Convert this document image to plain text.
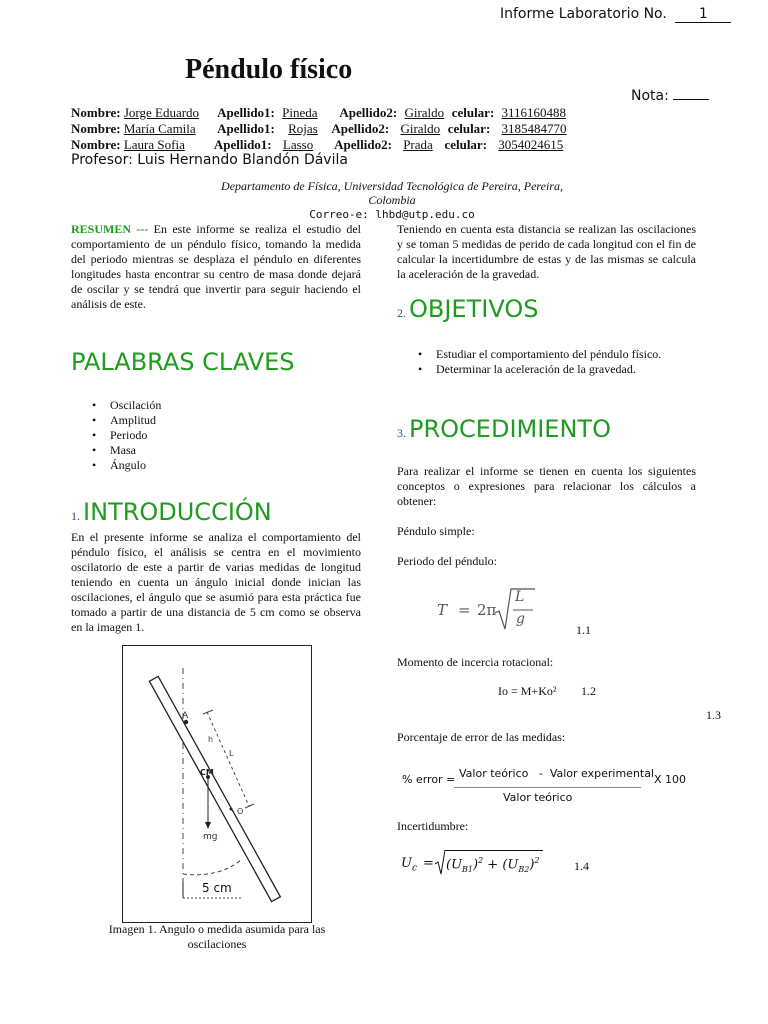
Informe Laboratorio No. 1
Péndulo físico
Nota:
Nombre: Jorge Eduardo Apellido1: Pineda Apellido2: Giraldo celular: 3116160488
Nombre: María Camila Apellido1: Rojas Apellido2: Giraldo celular: 3185484770
Nombre: Laura Sofia Apellido1: Lasso Apellido2: Prada celular: 3054024615
Profesor: Luis Hernando Blandón Dávila
Departamento de Física, Universidad Tecnológica de Pereira, Pereira,
Colombia
Correo-e: lhbd@utp.edu.co
RESUMEN --- En este informe se realiza el estudio del comportamiento de un péndulo físico, tomando la medida del periodo mientras se desplaza el péndulo en diferentes longitudes hasta encontrar su centro de masa donde dejará de oscilar y se tendrá que invertir para seguir haciendo el análisis de este.
PALABRAS CLAVES
• Oscilación
• Amplitud
• Periodo
• Masa
• Ángulo
1. INTRODUCCIÓN
En el presente informe se analiza el comportamiento del péndulo físico, el análisis se centra en el movimiento oscilatorio de este a partir de varias medidas de longitud teniendo en cuenta un ángulo inicial donde inician las oscilaciones, el ángulo que se asumió para esta práctica fue tomado a partir de una distancia de 5 cm como se observa en la imagen 1.
A
h
L
CM
O
mg
5 cm
Imagen 1. Angulo o medida asumida para las
oscilaciones
Teniendo en cuenta esta distancia se realizan las oscilaciones y se toman 5 medidas de perido de cada longitud con el fin de calcular la incertidumbre de estas y de las mismas se calcula la aceleración de la gravedad.
2. OBJETIVOS
• Estudiar el comportamiento del péndulo físico.
• Determinar la aceleración de la gravedad.
3. PROCEDIMIENTO
Para realizar el informe se tienen en cuenta los siguientes conceptos o expresiones para relacionar los cálculos a obtener:
Péndulo simple:
Periodo del péndulo:
T = 2π
L
g
1.1
Momento de incercia rotacional:
Io = M+Ko² 1.2
1.3
Porcentaje de error de las medidas:
% error = Valor teórico   -  Valor experimental
Valor teórico
X 100
Incertidumbre:
$U_c = (U_{B1})^2 + (U_{B2})^2$	1.4
